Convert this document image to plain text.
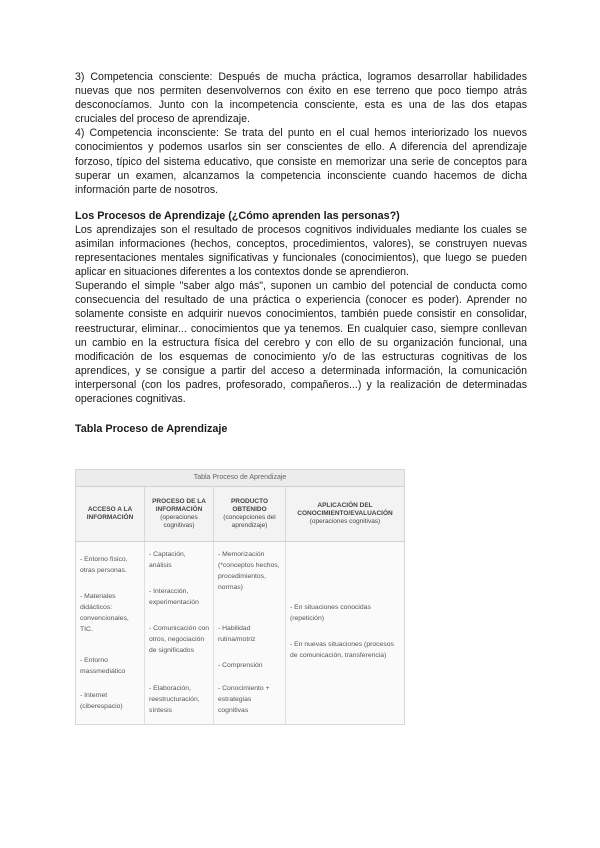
3) Competencia consciente: Después de mucha práctica, logramos desarrollar habilidades nuevas que nos permiten desenvolvernos con éxito en ese terreno que poco tiempo atrás desconocíamos. Junto con la incompetencia consciente, esta es una de las dos etapas cruciales del proceso de aprendizaje.

4) Competencia inconsciente: Se trata del punto en el cual hemos interiorizado los nuevos conocimientos y podemos usarlos sin ser conscientes de ello. A diferencia del aprendizaje forzoso, típico del sistema educativo, que consiste en memorizar una serie de conceptos para superar un examen, alcanzamos la competencia inconsciente cuando hacemos de dicha información parte de nosotros.

Los Procesos de Aprendizaje (¿Cómo aprenden las personas?)

Los aprendizajes son el resultado de procesos cognitivos individuales mediante los cuales se asimilan informaciones (hechos, conceptos, procedimientos, valores), se construyen nuevas representaciones mentales significativas y funcionales (conocimientos), que luego se pueden aplicar en situaciones diferentes a los contextos donde se aprendieron.

Superando el simple "saber algo más", suponen un cambio del potencial de conducta como consecuencia del resultado de una práctica o experiencia (conocer es poder). Aprender no solamente consiste en adquirir nuevos conocimientos, también puede consistir en consolidar, reestructurar, eliminar... conocimientos que ya tenemos. En cualquier caso, siempre conllevan un cambio en la estructura física del cerebro y con ello de su organización funcional, una modificación de los esquemas de conocimiento y/o de las estructuras cognitivas de los aprendices, y se consigue a partir del acceso a determinada información, la comunicación interpersonal (con los padres, profesorado, compañeros...) y la realización de determinadas operaciones cognitivas.

Tabla Proceso de Aprendizaje

Tabla Proceso de Aprendizaje
ACCESO A LA INFORMACIÓN
PROCESO DE LA INFORMACIÓN
(operaciones cognitivas)
PRODUCTO OBTENIDO
(concepciones del aprendizaje)
APLICACIÓN DEL CONOCIMIENTO/EVALUACIÓN
(operaciones cognitivas)
- Entorno físico, otras personas.
- Materiales didácticos: convencionales, TIC.
- Entorno massmediático
- Internet (ciberespacio)
- Captación, análisis
- Interacción, experimentación
- Comunicación con otros, negociación de significados
- Elaboración, reestructuración, síntesis
- Memorización (*conceptos hechos, procedimientos, normas)
- Habilidad rutina/motriz
- Comprensión
- Conocimiento + estrategias cognitivas
- En situaciones conocidas (repetición)
- En nuevas situaciones (procesos de comunicación, transferencia)
